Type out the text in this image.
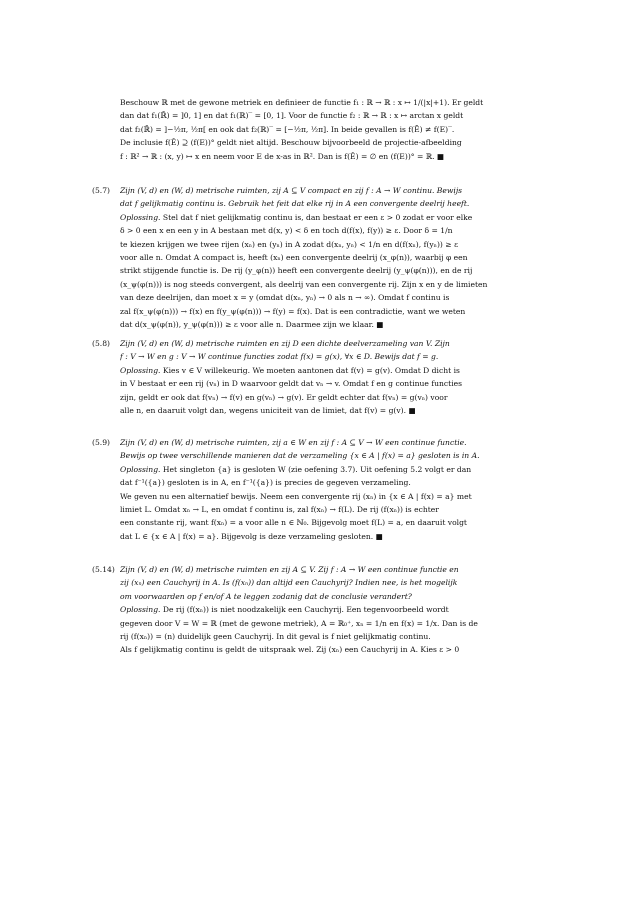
Beschouw ℝ met de gewone metriek en definieer de functie f₁ : ℝ → ℝ : x ↦ 1/(|x|+1). Er geldt
dan dat f₁(ℝ̄) = ]0, 1] en dat f₁(ℝ)‾ = [0, 1]. Voor de functie f₂ : ℝ → ℝ : x ↦ arctan x geldt
dat f₂(ℝ̄) = ]−½π, ½π[ en ook dat f₂(ℝ)‾ = [−½π, ½π]. In beide gevallen is f(Ē) ≠ f(E)‾.
De inclusie f(Ê) ⊇ (f(E))° geldt niet altijd. Beschouw bijvoorbeeld de projectie-afbeelding
f : ℝ² → ℝ : (x, y) ↦ x en neem voor E de x-as in ℝ². Dan is f(Ê) = ∅ en (f(E))° = ℝ. ■
(5.7)	Zijn (V, d) en (W, d) metrische ruimten, zij A ⊆ V compact en zij f : A → W continu. Bewijs
dat f gelijkmatig continu is. Gebruik het feit dat elke rij in A een convergente deelrij heeft.
Oplossing. Stel dat f niet gelijkmatig continu is, dan bestaat er een ε > 0 zodat er voor elke
δ > 0 een x en een y in A bestaan met d(x, y) < δ en toch d(f(x), f(y)) ≥ ε. Door δ = 1/n
te kiezen krijgen we twee rijen (xₙ) en (yₙ) in A zodat d(xₙ, yₙ) < 1/n en d(f(xₙ), f(yₙ)) ≥ ε
voor alle n. Omdat A compact is, heeft (xₙ) een convergente deelrij (x_φ(n)), waarbij φ een
strikt stijgende functie is. De rij (y_φ(n)) heeft een convergente deelrij (y_ψ(φ(n))), en de rij
(x_ψ(φ(n))) is nog steeds convergent, als deelrij van een convergente rij. Zijn x en y de limieten
van deze deelrijen, dan moet x = y (omdat d(xₙ, yₙ) → 0 als n → ∞). Omdat f continu is
zal f(x_ψ(φ(n))) → f(x) en f(y_ψ(φ(n))) → f(y) = f(x). Dat is een contradictie, want we weten
dat d(x_ψ(φ(n)), y_ψ(φ(n))) ≥ ε voor alle n. Daarmee zijn we klaar. ■
(5.8)	Zijn (V, d) en (W, d) metrische ruimten en zij D een dichte deelverzameling van V. Zijn
f : V → W en g : V → W continue functies zodat f(x) = g(x), ∀x ∈ D. Bewijs dat f = g.
Oplossing. Kies v ∈ V willekeurig. We moeten aantonen dat f(v) = g(v). Omdat D dicht is
in V bestaat er een rij (vₙ) in D waarvoor geldt dat vₙ → v. Omdat f en g continue functies
zijn, geldt er ook dat f(vₙ) → f(v) en g(vₙ) → g(v). Er geldt echter dat f(vₙ) = g(vₙ) voor
alle n, en daaruit volgt dan, wegens uniciteit van de limiet, dat f(v) = g(v). ■
(5.9)	Zijn (V, d) en (W, d) metrische ruimten, zij a ∈ W en zij f : A ⊆ V → W een continue functie.
Bewijs op twee verschillende manieren dat de verzameling {x ∈ A | f(x) = a} gesloten is in A.
Oplossing. Het singleton {a} is gesloten W (zie oefening 3.7). Uit oefening 5.2 volgt er dan
dat f⁻¹({a}) gesloten is in A, en f⁻¹({a}) is precies de gegeven verzameling.
We geven nu een alternatief bewijs. Neem een convergente rij (xₙ) in {x ∈ A | f(x) = a} met
limiet L. Omdat xₙ → L, en omdat f continu is, zal f(xₙ) → f(L). De rij (f(xₙ)) is echter
een constante rij, want f(xₙ) = a voor alle n ∈ ℕ₀. Bijgevolg moet f(L) = a, en daaruit volgt
dat L ∈ {x ∈ A | f(x) = a}. Bijgevolg is deze verzameling gesloten. ■
(5.14) Zijn (V, d) en (W, d) metrische ruimten en zij A ⊆ V. Zij f : A → W een continue functie en
zij (xₙ) een Cauchyrij in A. Is (f(xₙ)) dan altijd een Cauchyrij? Indien nee, is het mogelijk
om voorwaarden op f en/of A te leggen zodanig dat de conclusie verandert?
Oplossing. De rij (f(xₙ)) is niet noodzakelijk een Cauchyrij. Een tegenvoorbeeld wordt
gegeven door V = W = ℝ (met de gewone metriek), A = ℝ₀⁺, xₙ = 1/n en f(x) = 1/x. Dan is de
rij (f(xₙ)) = (n) duidelijk geen Cauchyrij. In dit geval is f niet gelijkmatig continu.
Als f gelijkmatig continu is geldt de uitspraak wel. Zij (xₙ) een Cauchyrij in A. Kies ε > 0
